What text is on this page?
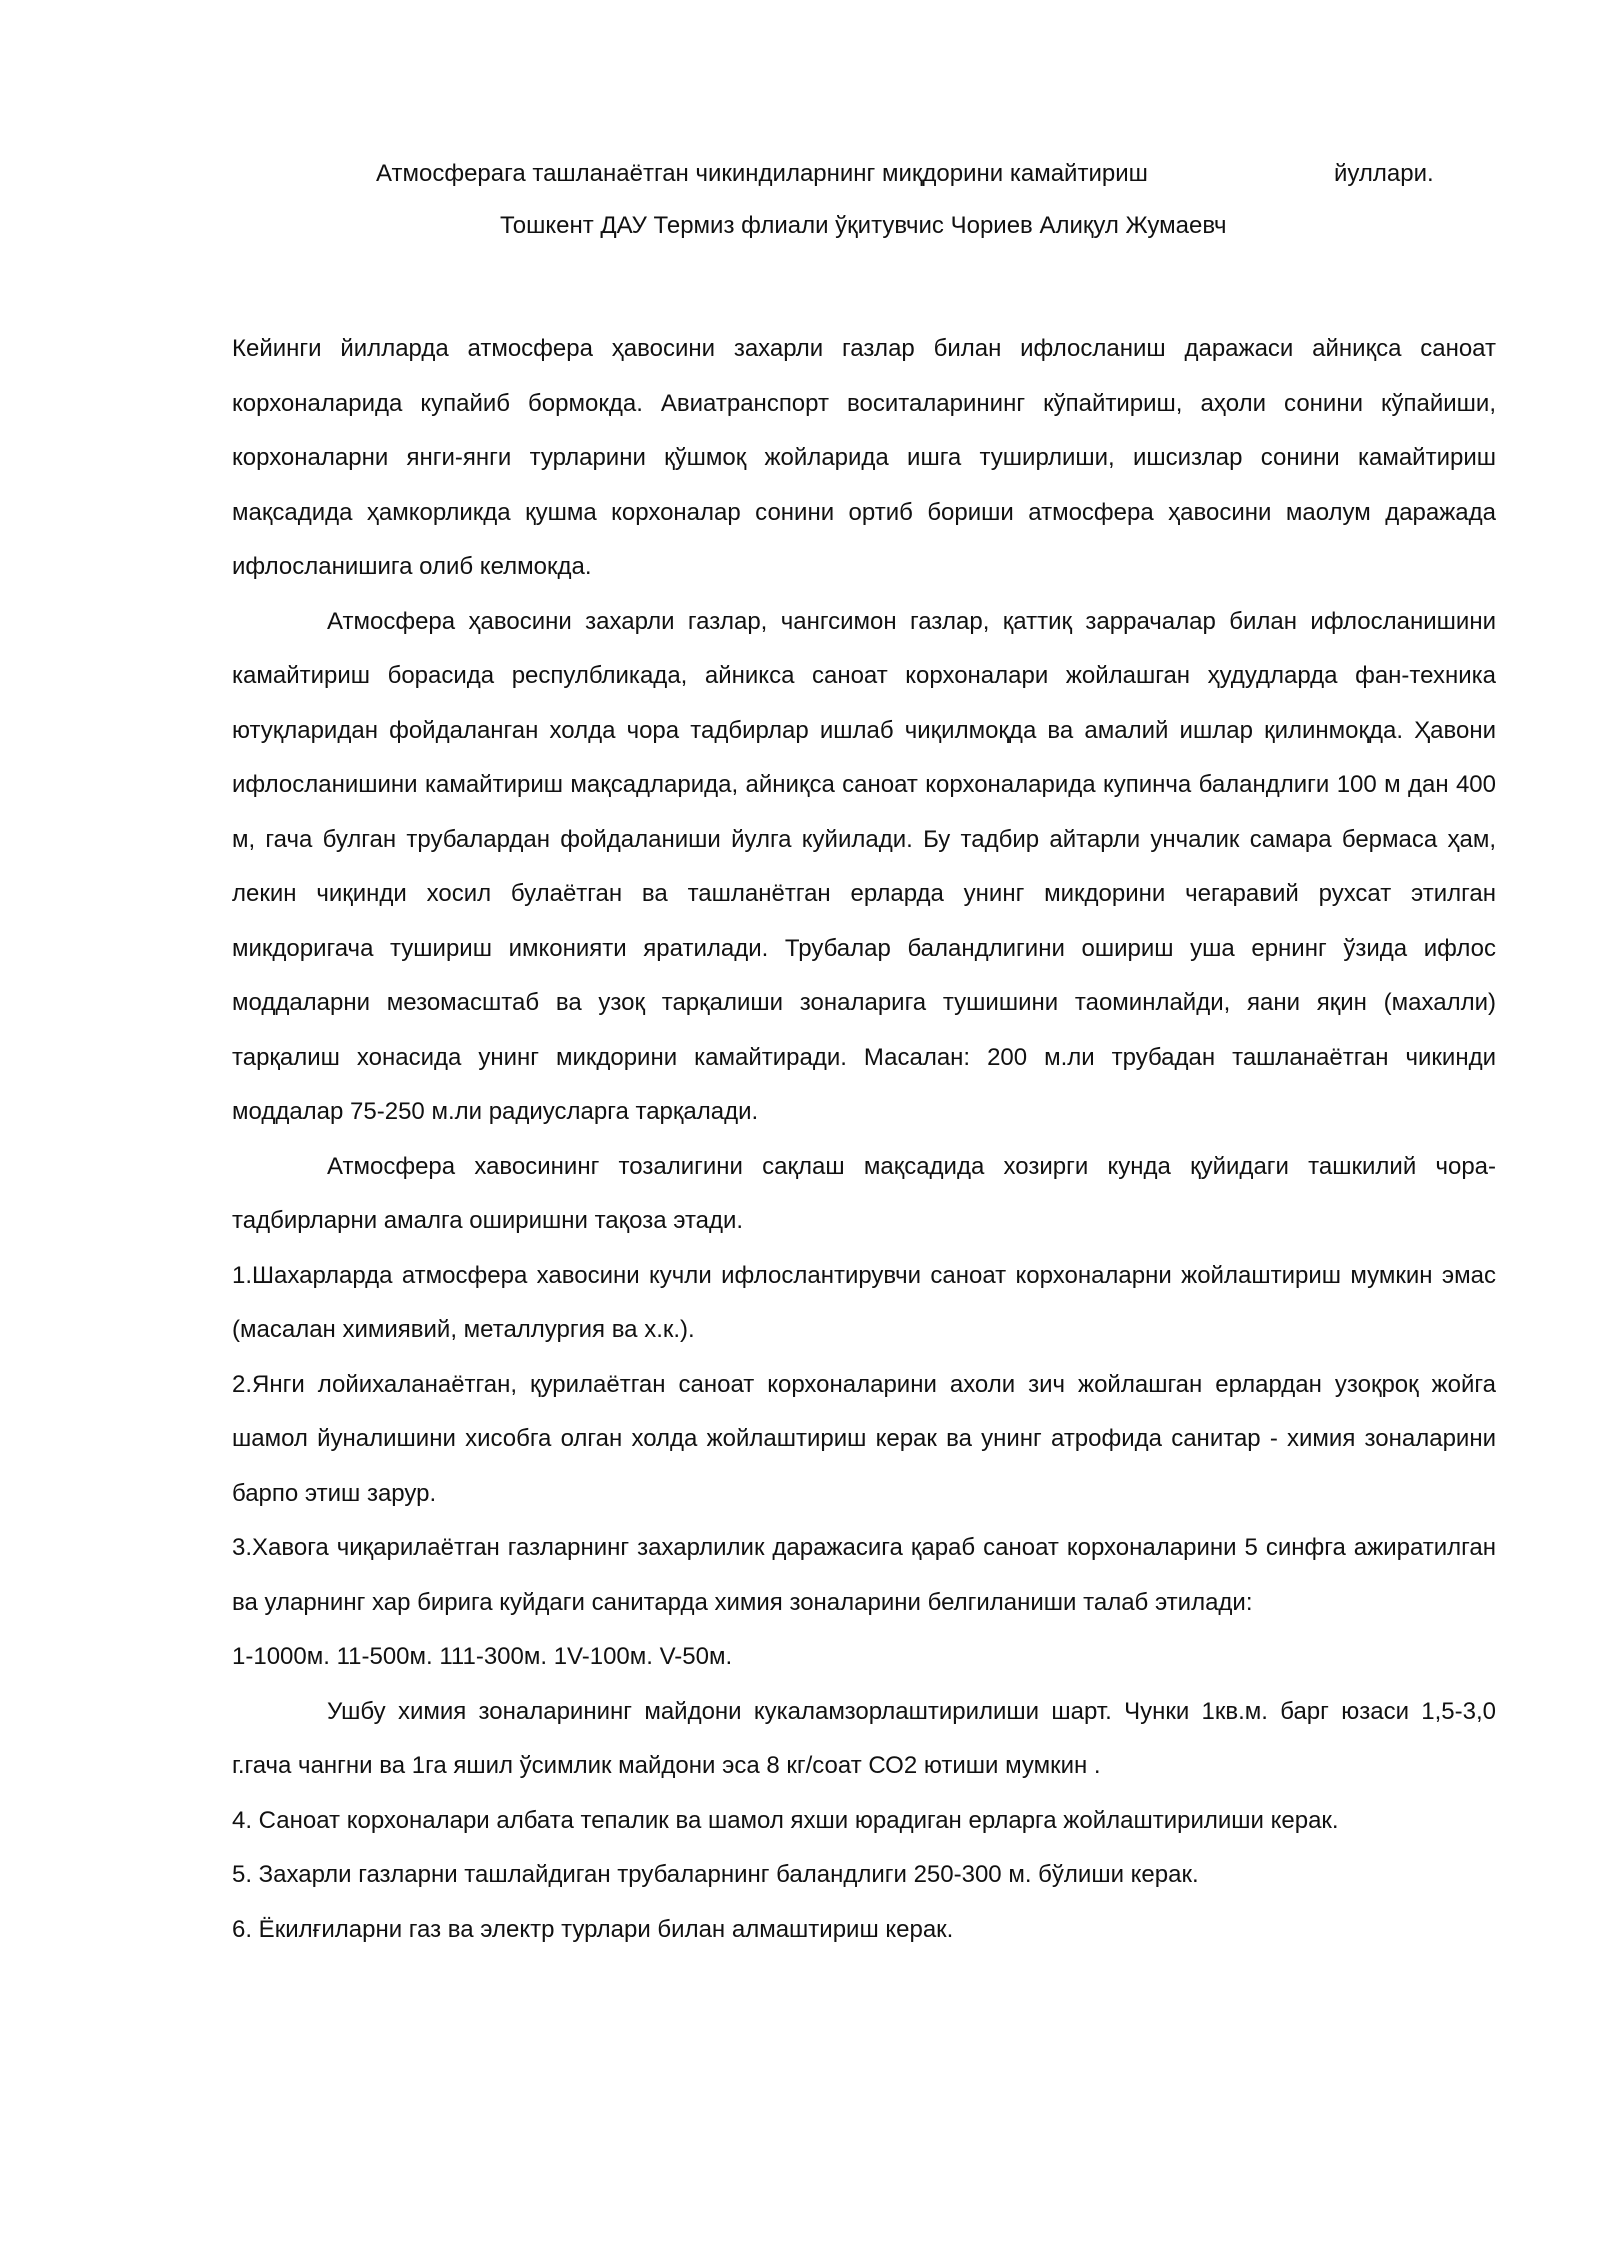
Атмосферага ташланаётган чикиндиларнинг миқдорини камайтириш	йуллари.
Тошкент ДАУ Термиз флиали ўқитувчис Чориев Алиқул Жумаевч

Кейинги йилларда атмосфера ҳавосини захарли газлар билан ифлосланиш даражаси айниқса саноат корхоналарида купайиб бормокда. Авиатранспорт воситаларининг кўпайтириш, аҳоли сонини кўпайиши, корхоналарни янги-янги турларини қўшмоқ жойларида ишга туширлиши, ишсизлар сонини камайтириш мақсадида ҳамкорликда қушма корхоналар сонини ортиб бориши атмосфера ҳавосини маолум даражада ифлосланишига олиб келмокда.

Атмосфера ҳавосини захарли газлар, чангсимон газлар, қаттиқ заррачалар билан ифлосланишини камайтириш борасида респулбликада, айникса саноат корхоналари жойлашган ҳудудларда фан-техника ютуқларидан фойдаланган холда чора тадбирлар ишлаб чиқилмоқда ва амалий ишлар қилинмоқда. Ҳавони ифлосланишини камайтириш мақсадларида, айниқса саноат корхоналарида купинча баландлиги 100 м дан 400 м, гача булган трубалардан фойдаланиши йулга куйилади. Бу тадбир айтарли унчалик самара бермаса ҳам, лекин чиқинди хосил булаётган ва ташланётган ерларда унинг микдорини чегаравий рухсат этилган микдоригача тушириш имконияти яратилади. Трубалар баландлигини ошириш уша ернинг ўзида ифлос моддаларни мезомасштаб ва узоқ тарқалиши зоналарига тушишини таоминлайди, яани яқин (махалли) тарқалиш хонасида унинг микдорини камайтиради. Масалан: 200 м.ли трубадан ташланаётган чикинди моддалар 75-250 м.ли радиусларга тарқалади.

Атмосфера хавосининг тозалигини сақлаш мақсадида хозирги кунда қуйидаги ташкилий чора-тадбирларни амалга оширишни тақоза этади.

1.Шахарларда атмосфера хавосини кучли ифлослантирувчи саноат корхоналарни жойлаштириш мумкин эмас (масалан химиявий, металлургия ва х.к.).

2.Янги лойихаланаётган, қурилаётган саноат корхоналарини ахоли зич жойлашган ерлардан узоқроқ жойга шамол йуналишини хисобга олган холда жойлаштириш керак ва унинг атрофида санитар - химия зоналарини барпо этиш зарур.

3.Хавога чиқарилаётган газларнинг захарлилик даражасига қараб саноат корхоналарини 5 синфга ажиратилган ва уларнинг хар бирига куйдаги санитарда химия зоналарини белгиланиши талаб этилади:

1-1000м. 11-500м. 111-300м. 1V-100м. V-50м.

Ушбу химия зоналарининг майдони кукаламзорлаштирилиши шарт. Чунки 1кв.м. барг юзаси 1,5-3,0 г.гача чангни ва 1га яшил ўсимлик майдони эса 8 кг/соат СО2 ютиши мумкин .

4. Саноат корхоналари албата тепалик ва шамол яхши юрадиган ерларга жойлаштирилиши керак.

5. Захарли газларни ташлайдиган трубаларнинг баландлиги 250-300 м. бўлиши керак.

6. Ёкилғиларни газ ва электр турлари билан алмаштириш керак.
